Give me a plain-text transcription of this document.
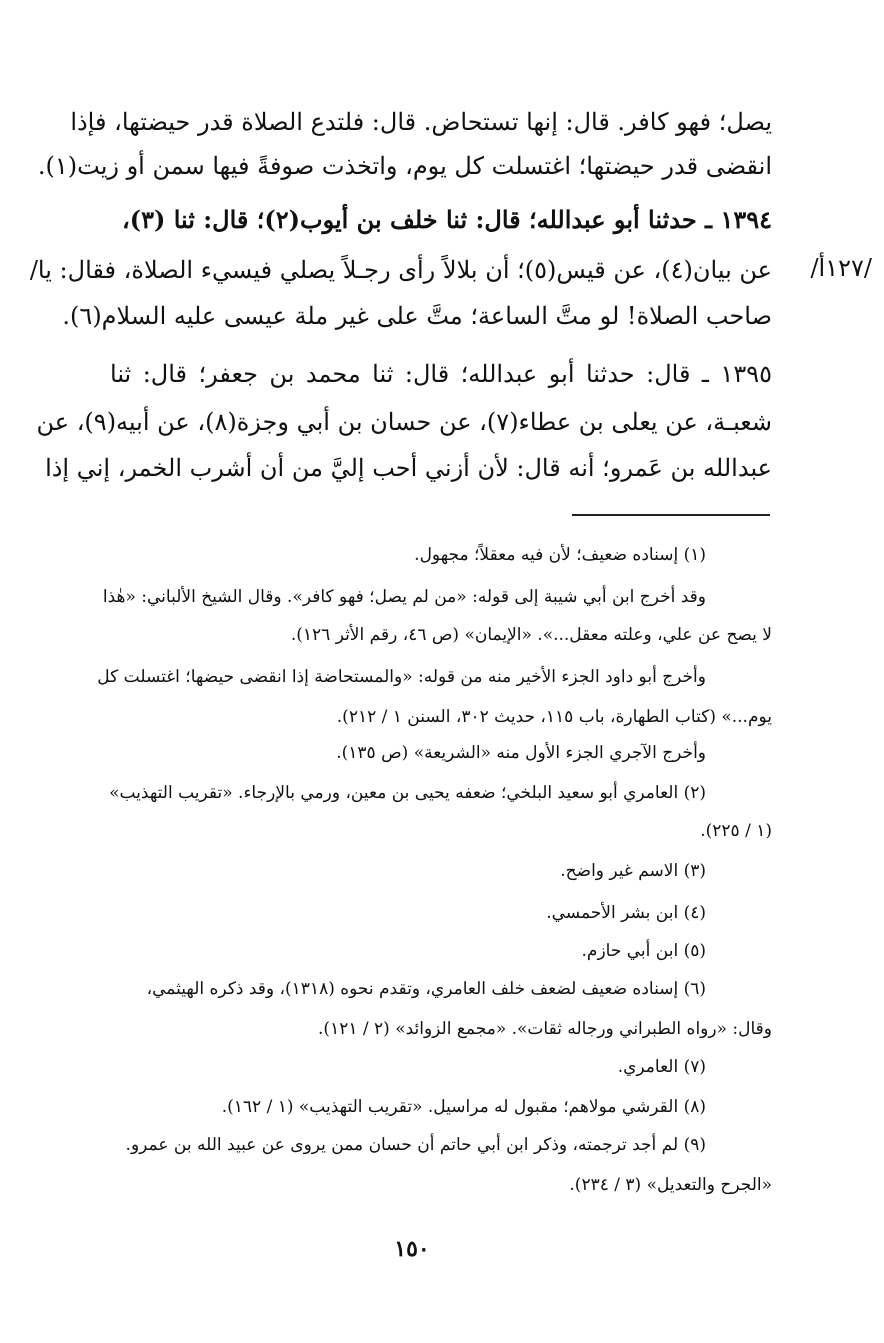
يصل؛ فهو كافر. قال: إنها تستحاض. قال: فلتدع الصلاة قدر حيضتها، فإذا
انقضى قدر حيضتها؛ اغتسلت كل يوم، واتخذت صوفةً فيها سمن أو زيت(١).
١٣٩٤ ـ حدثنا أبو عبدالله؛ قال: ثنا خلف بن أيوب(٢)؛ قال: ثنا (٣)،
عن بيان(٤)، عن قيس(٥)؛ أن بلالاً رأى رجـلاً يصلي فيسيء الصلاة، فقال: يا/
صاحب الصلاة! لو متَّ الساعة؛ متَّ على غير ملة عيسى عليه السلام(٦).
١٣٩٥ ـ قال: حدثنا أبو عبدالله؛ قال: ثنا محمد بن جعفر؛ قال: ثنا
شعبـة، عن يعلى بن عطاء(٧)، عن حسان بن أبي وجزة(٨)، عن أبيه(٩)، عن
عبدالله بن عَمرو؛ أنه قال: لأن أزني أحب إليَّ من أن أشرب الخمر، إني إذا
/١٢٧أ/
(١) إسناده ضعيف؛ لأن فيه معقلاً؛ مجهول.
وقد أخرج ابن أبي شيبة إلى قوله: «من لم يصل؛ فهو كافر». وقال الشيخ الألباني: «هٰذا
لا يصح عن علي، وعلته معقل...». «الإيمان» (ص ٤٦، رقم الأثر ١٢٦).
وأخرج أبو داود الجزء الأخير منه من قوله: «والمستحاضة إذا انقضى حيضها؛ اغتسلت كل
يوم...» (كتاب الطهارة، باب ١١٥، حديث ٣٠٢، السنن ١ / ٢١٢).
وأخرج الآجري الجزء الأول منه «الشريعة» (ص ١٣٥).
(٢) العامري أبو سعيد البلخي؛ ضعفه يحيى بن معين، ورمي بالإرجاء. «تقريب التهذيب»
(١ / ٢٢٥).
(٣) الاسم غير واضح.
(٤) ابن بشر الأحمسي.
(٥) ابن أبي حازم.
(٦) إسناده ضعيف لضعف خلف العامري، وتقدم نحوه (١٣١٨)، وقد ذكره الهيثمي،
وقال: «رواه الطبراني ورجاله ثقات». «مجمع الزوائد» (٢ / ١٢١).
(٧) العامري.
(٨) القرشي مولاهم؛ مقبول له مراسيل. «تقريب التهذيب» (١ / ١٦٢).
(٩) لم أجد ترجمته، وذكر ابن أبي حاتم أن حسان ممن يروى عن عبيد الله بن عمرو.
«الجرح والتعديل» (٣ / ٢٣٤).
١٥٠
